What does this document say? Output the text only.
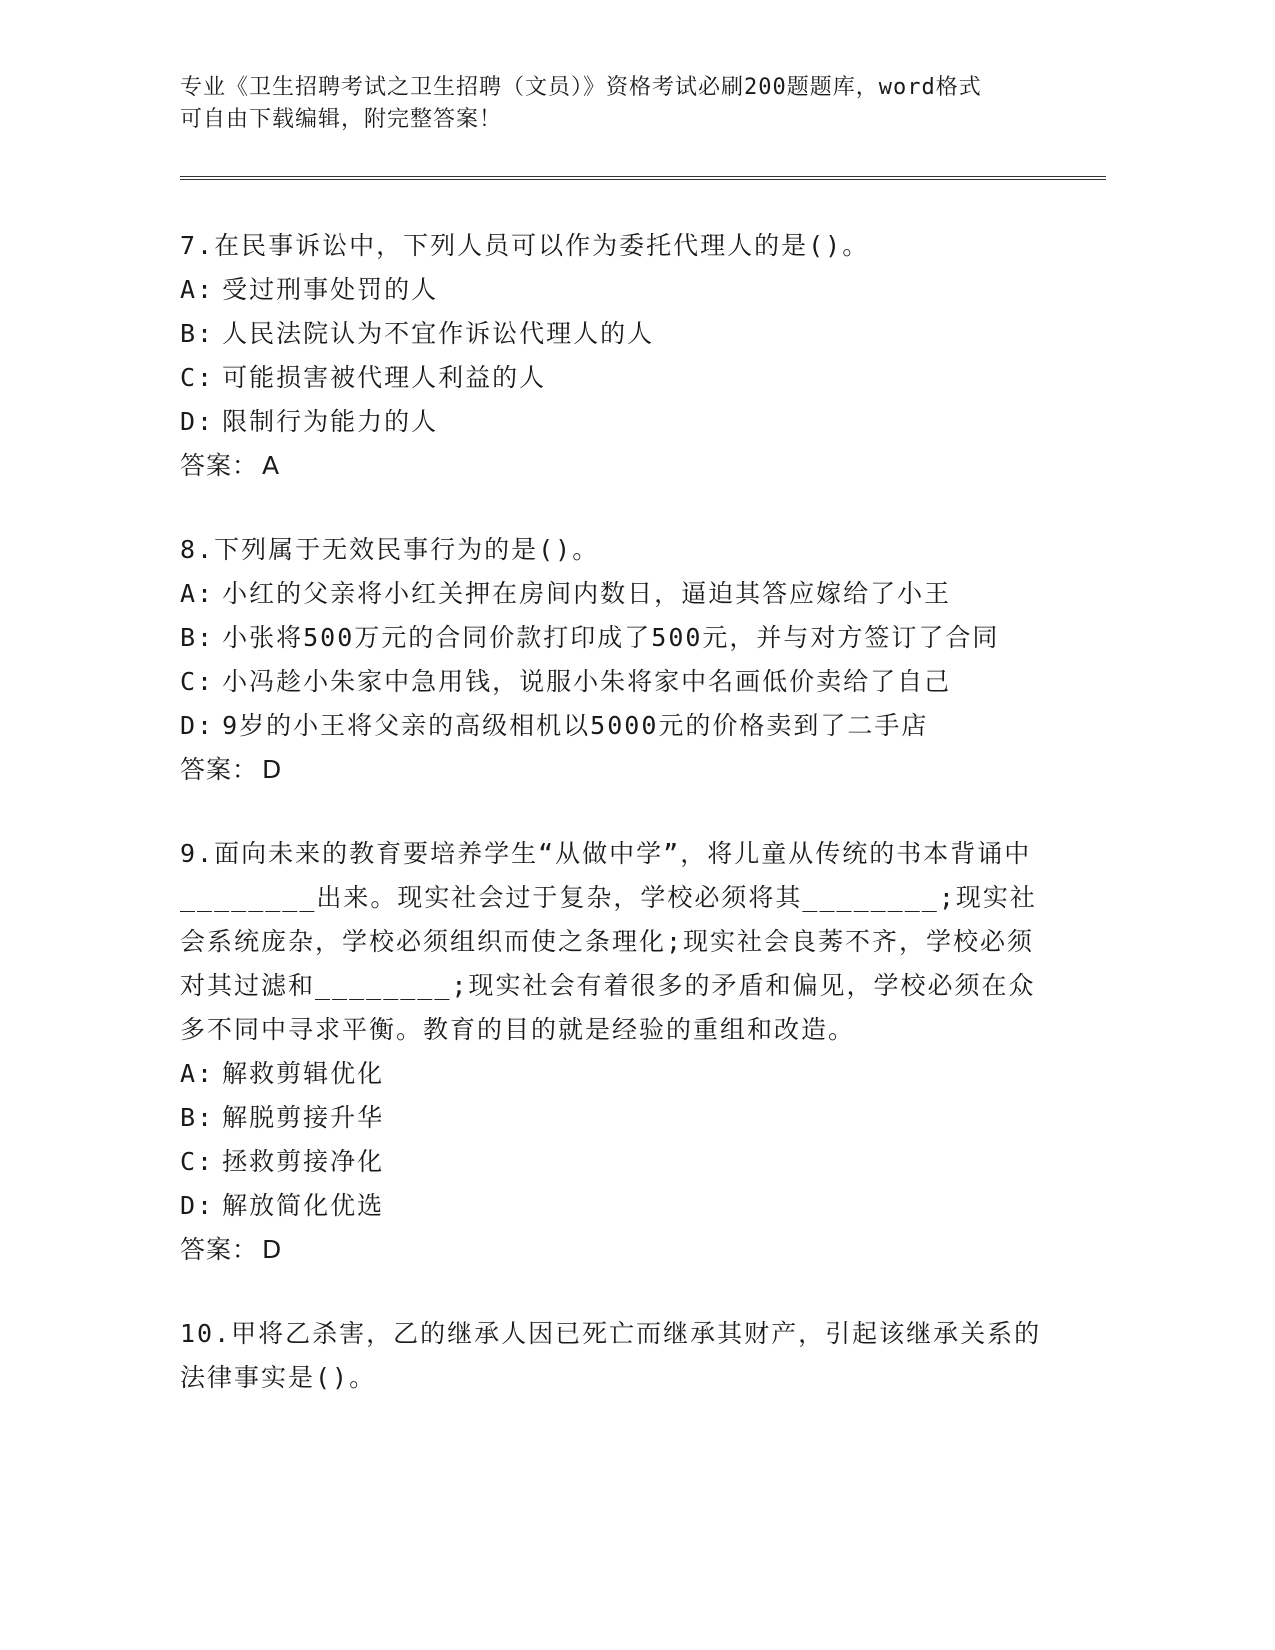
专业《卫生招聘考试之卫生招聘（文员）》资格考试必刷200题题库，word格式

可自由下载编辑，附完整答案！

7.在民事诉讼中，下列人员可以作为委托代理人的是()。

A: 受过刑事处罚的人

B: 人民法院认为不宜作诉讼代理人的人

C: 可能损害被代理人利益的人

D: 限制行为能力的人

答案： A

8.下列属于无效民事行为的是()。

A: 小红的父亲将小红关押在房间内数日，逼迫其答应嫁给了小王

B: 小张将500万元的合同价款打印成了500元，并与对方签订了合同

C: 小冯趁小朱家中急用钱，说服小朱将家中名画低价卖给了自己

D: 9岁的小王将父亲的高级相机以5000元的价格卖到了二手店

答案： D

9.面向未来的教育要培养学生“从做中学”，将儿童从传统的书本背诵中________出来。现实社会过于复杂，学校必须将其________;现实社会系统庞杂，学校必须组织而使之条理化;现实社会良莠不齐，学校必须对其过滤和________;现实社会有着很多的矛盾和偏见，学校必须在众多不同中寻求平衡。教育的目的就是经验的重组和改造。

A: 解救剪辑优化

B: 解脱剪接升华

C: 拯救剪接净化

D: 解放简化优选

答案： D

10.甲将乙杀害，乙的继承人因已死亡而继承其财产，引起该继承关系的法律事实是()。
